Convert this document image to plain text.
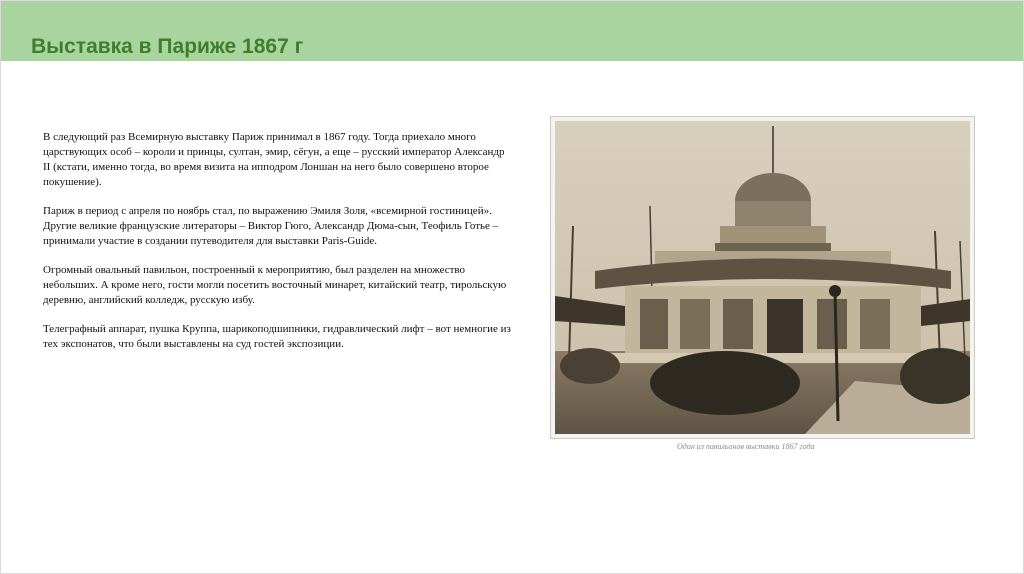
Выставка в Париже 1867 г

В следующий раз Всемирную выставку Париж принимал в 1867 году. Тогда приехало много царствующих особ – короли и принцы, султан, эмир, сёгун, а еще – русский император Александр II (кстати, именно тогда, во время визита на ипподром Лоншан на него было совершено второе покушение).

Париж в период с апреля по ноябрь стал, по выражению Эмиля Золя, «всемирной гостиницей». Другие великие французские литераторы – Виктор Гюго, Александр Дюма-сын, Теофиль Готье – принимали участие в создании путеводителя для выставки Paris-Guide.

Огромный овальный павильон, построенный к мероприятию, был разделен на множество небольших. А кроме него, гости могли посетить восточный минарет, китайский театр, тирольскую деревню, английский колледж, русскую избу.

Телеграфный аппарат, пушка Круппа, шарикоподшипники, гидравлический лифт – вот немногие из тех экспонатов, что были выставлены на суд гостей экспозиции.

Один из павильонов выставки 1867 года
